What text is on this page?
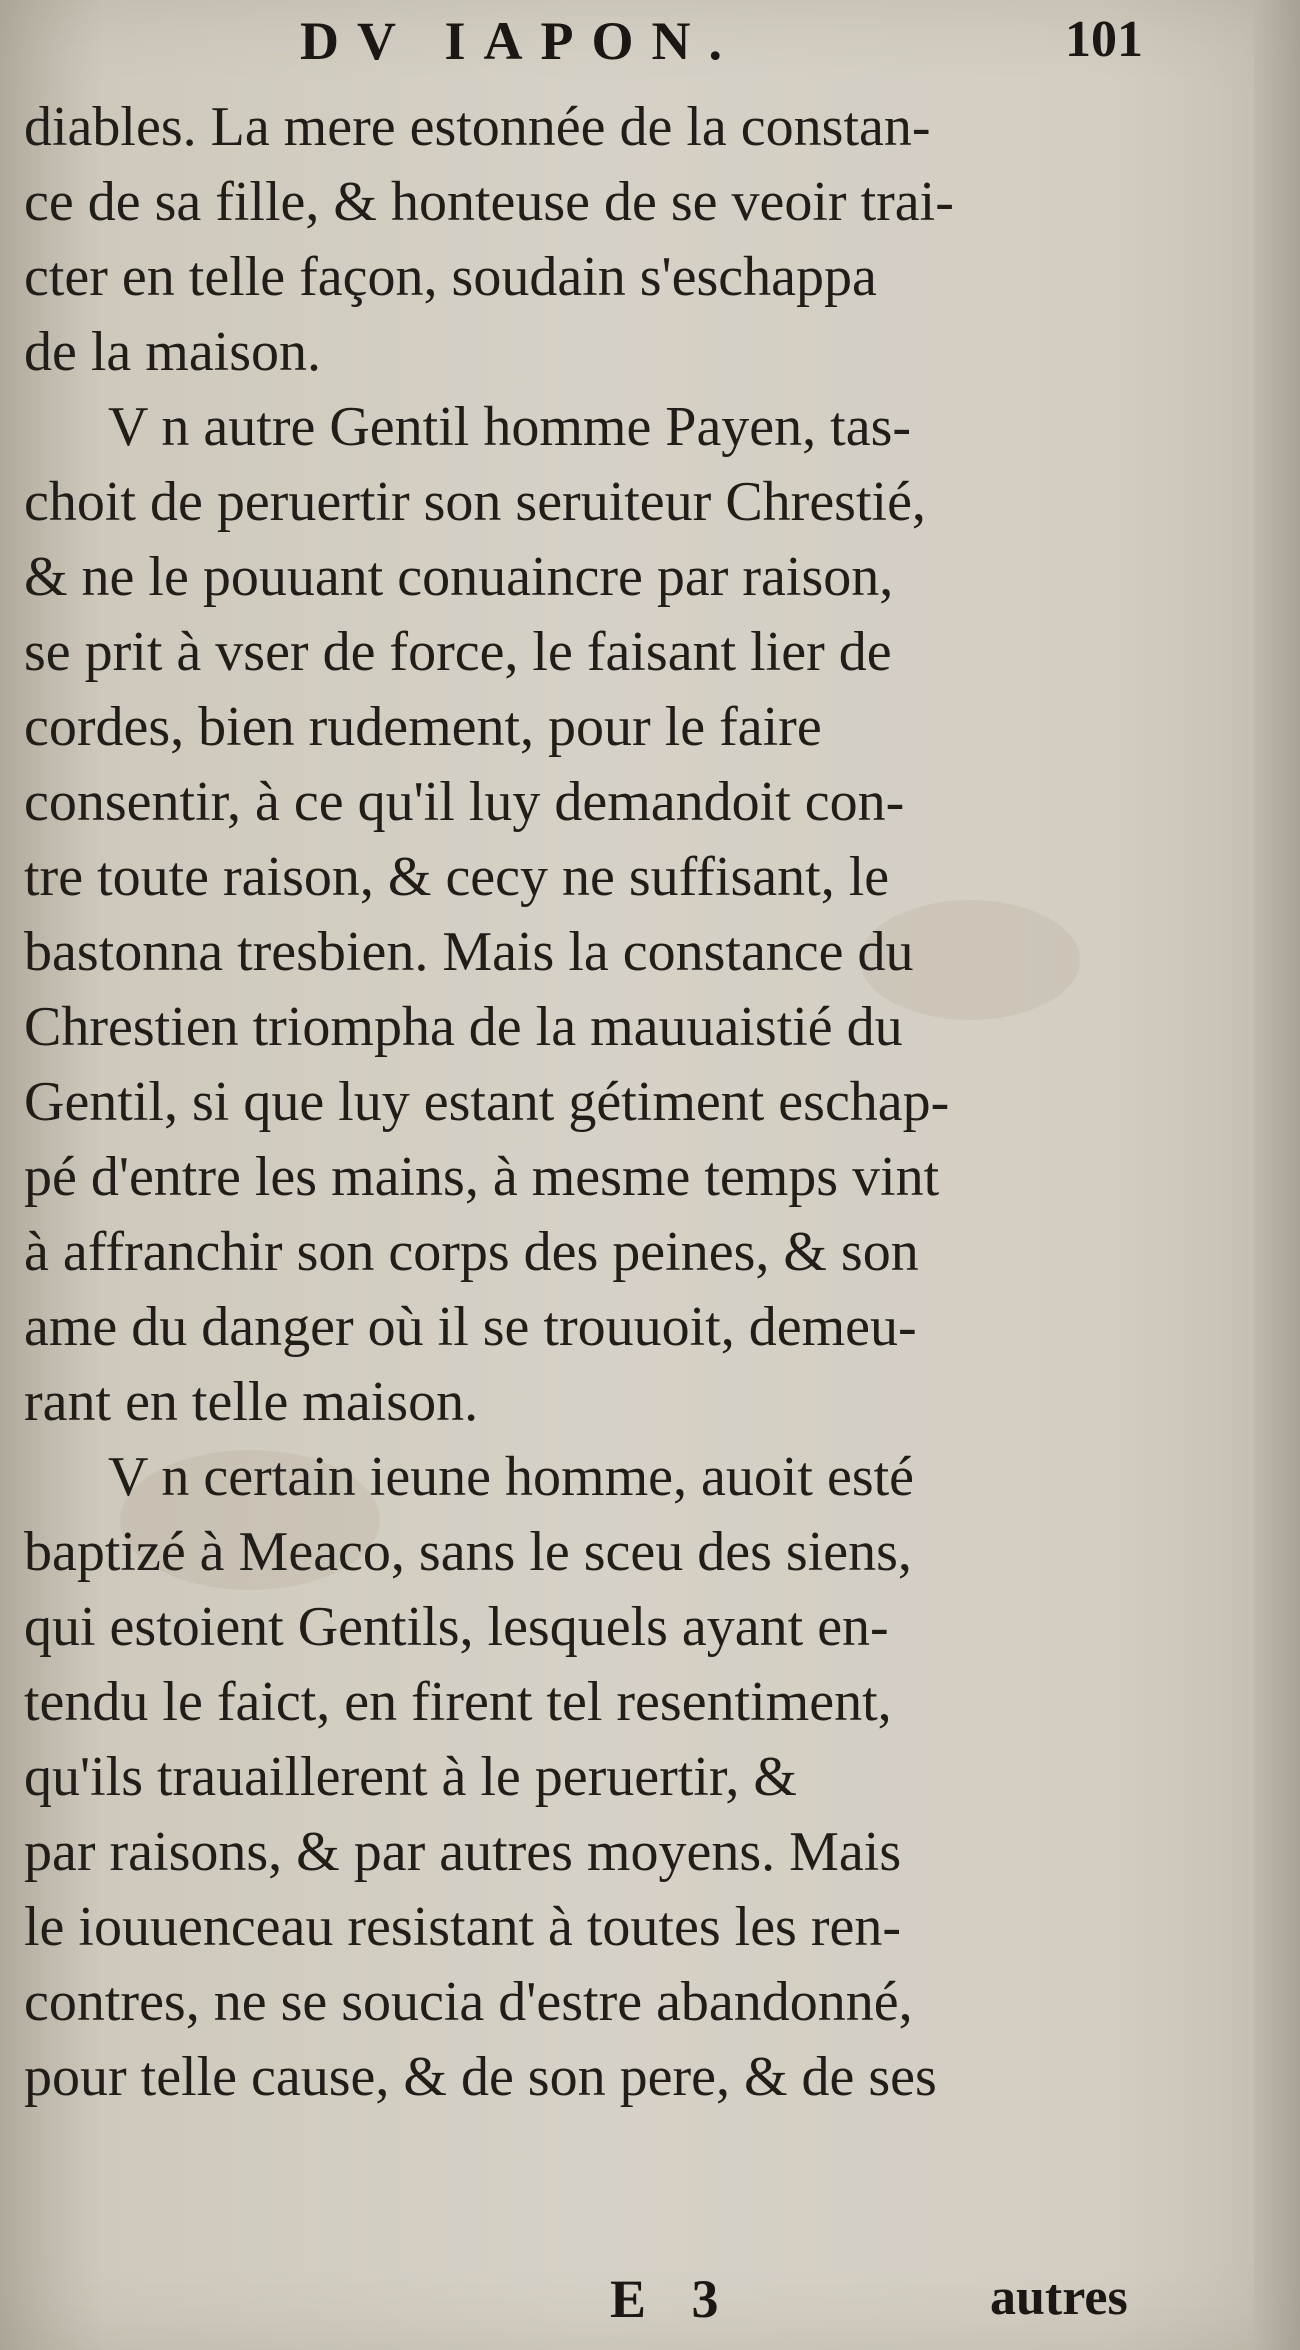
DV IAPON.	101
diables. La mere estonnée de la constan-
ce de sa fille, & honteuse de se veoir trai-
cter en telle façon, soudain s'eschappa
de la maison.
V n autre Gentil homme Payen, tas-
choit de peruertir son seruiteur Chrestié,
& ne le pouuant conuaincre par raison,
se prit à vser de force, le faisant lier de
cordes, bien rudement, pour le faire
consentir, à ce qu'il luy demandoit con-
tre toute raison, & cecy ne suffisant, le
bastonna tresbien. Mais la constance du
Chrestien triompha de la mauuaistié du
Gentil, si que luy estant gétiment eschap-
pé d'entre les mains, à mesme temps vint
à affranchir son corps des peines, & son
ame du danger où il se trouuoit, demeu-
rant en telle maison.
V n certain ieune homme, auoit esté
baptizé à Meaco, sans le sceu des siens,
qui estoient Gentils, lesquels ayant en-
tendu le faict, en firent tel resentiment,
qu'ils trauaillerent à le peruertir, &
par raisons, & par autres moyens. Mais
le iouuenceau resistant à toutes les ren-
contres, ne se soucia d'estre abandonné,
pour telle cause, & de son pere, & de ses
E 3	autres
